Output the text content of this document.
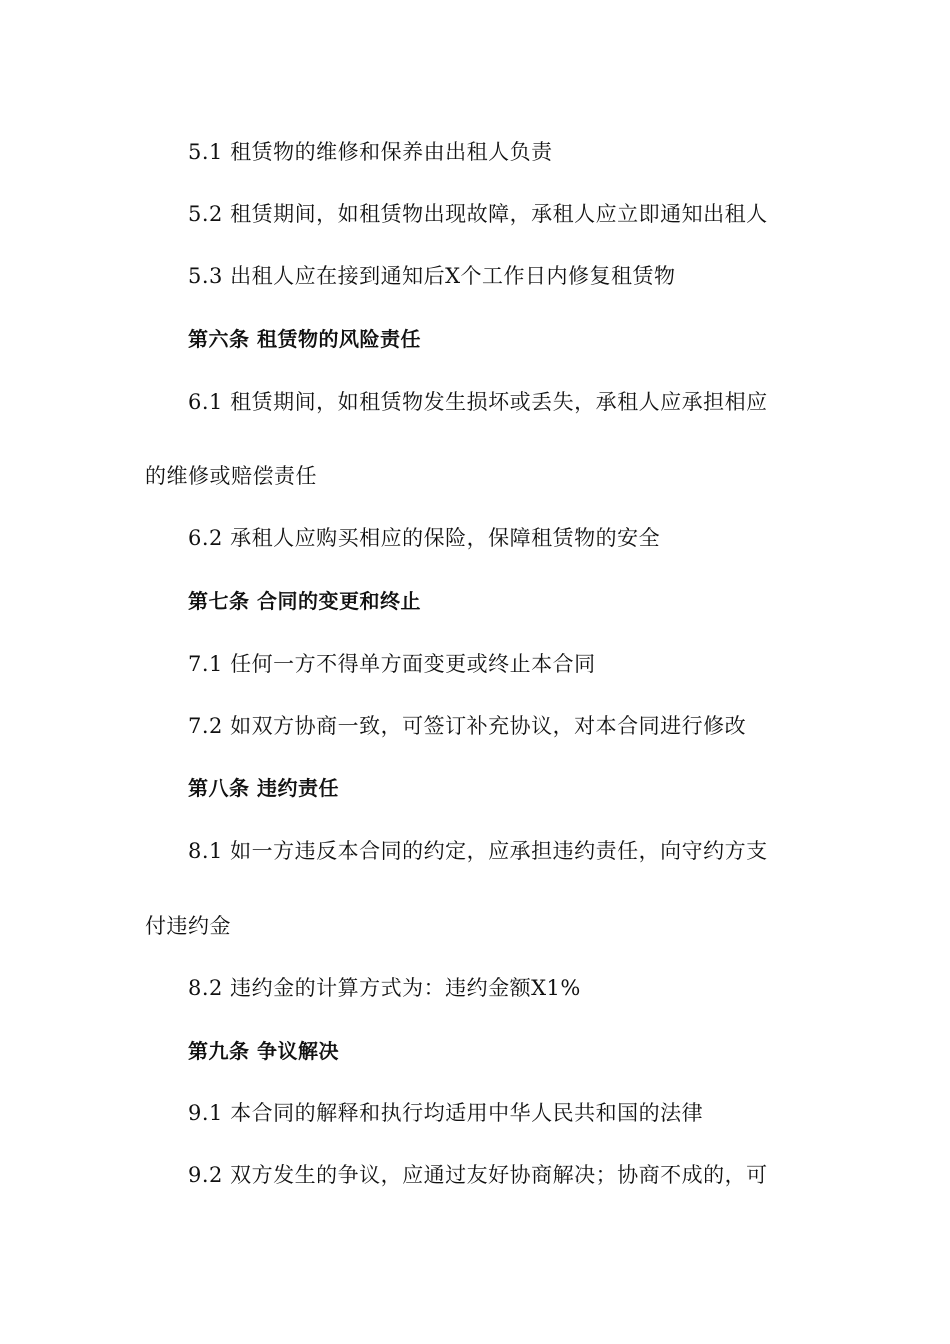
5.1 租赁物的维修和保养由出租人负责
5.2 租赁期间，如租赁物出现故障，承租人应立即通知出租人
5.3 出租人应在接到通知后X个工作日内修复租赁物
第六条 租赁物的风险责任
6.1 租赁期间，如租赁物发生损坏或丢失，承租人应承担相应
的维修或赔偿责任
6.2 承租人应购买相应的保险，保障租赁物的安全
第七条 合同的变更和终止
7.1 任何一方不得单方面变更或终止本合同
7.2 如双方协商一致，可签订补充协议，对本合同进行修改
第八条 违约责任
8.1 如一方违反本合同的约定，应承担违约责任，向守约方支
付违约金
8.2 违约金的计算方式为：违约金额X1%
第九条 争议解决
9.1 本合同的解释和执行均适用中华人民共和国的法律
9.2 双方发生的争议，应通过友好协商解决；协商不成的，可
